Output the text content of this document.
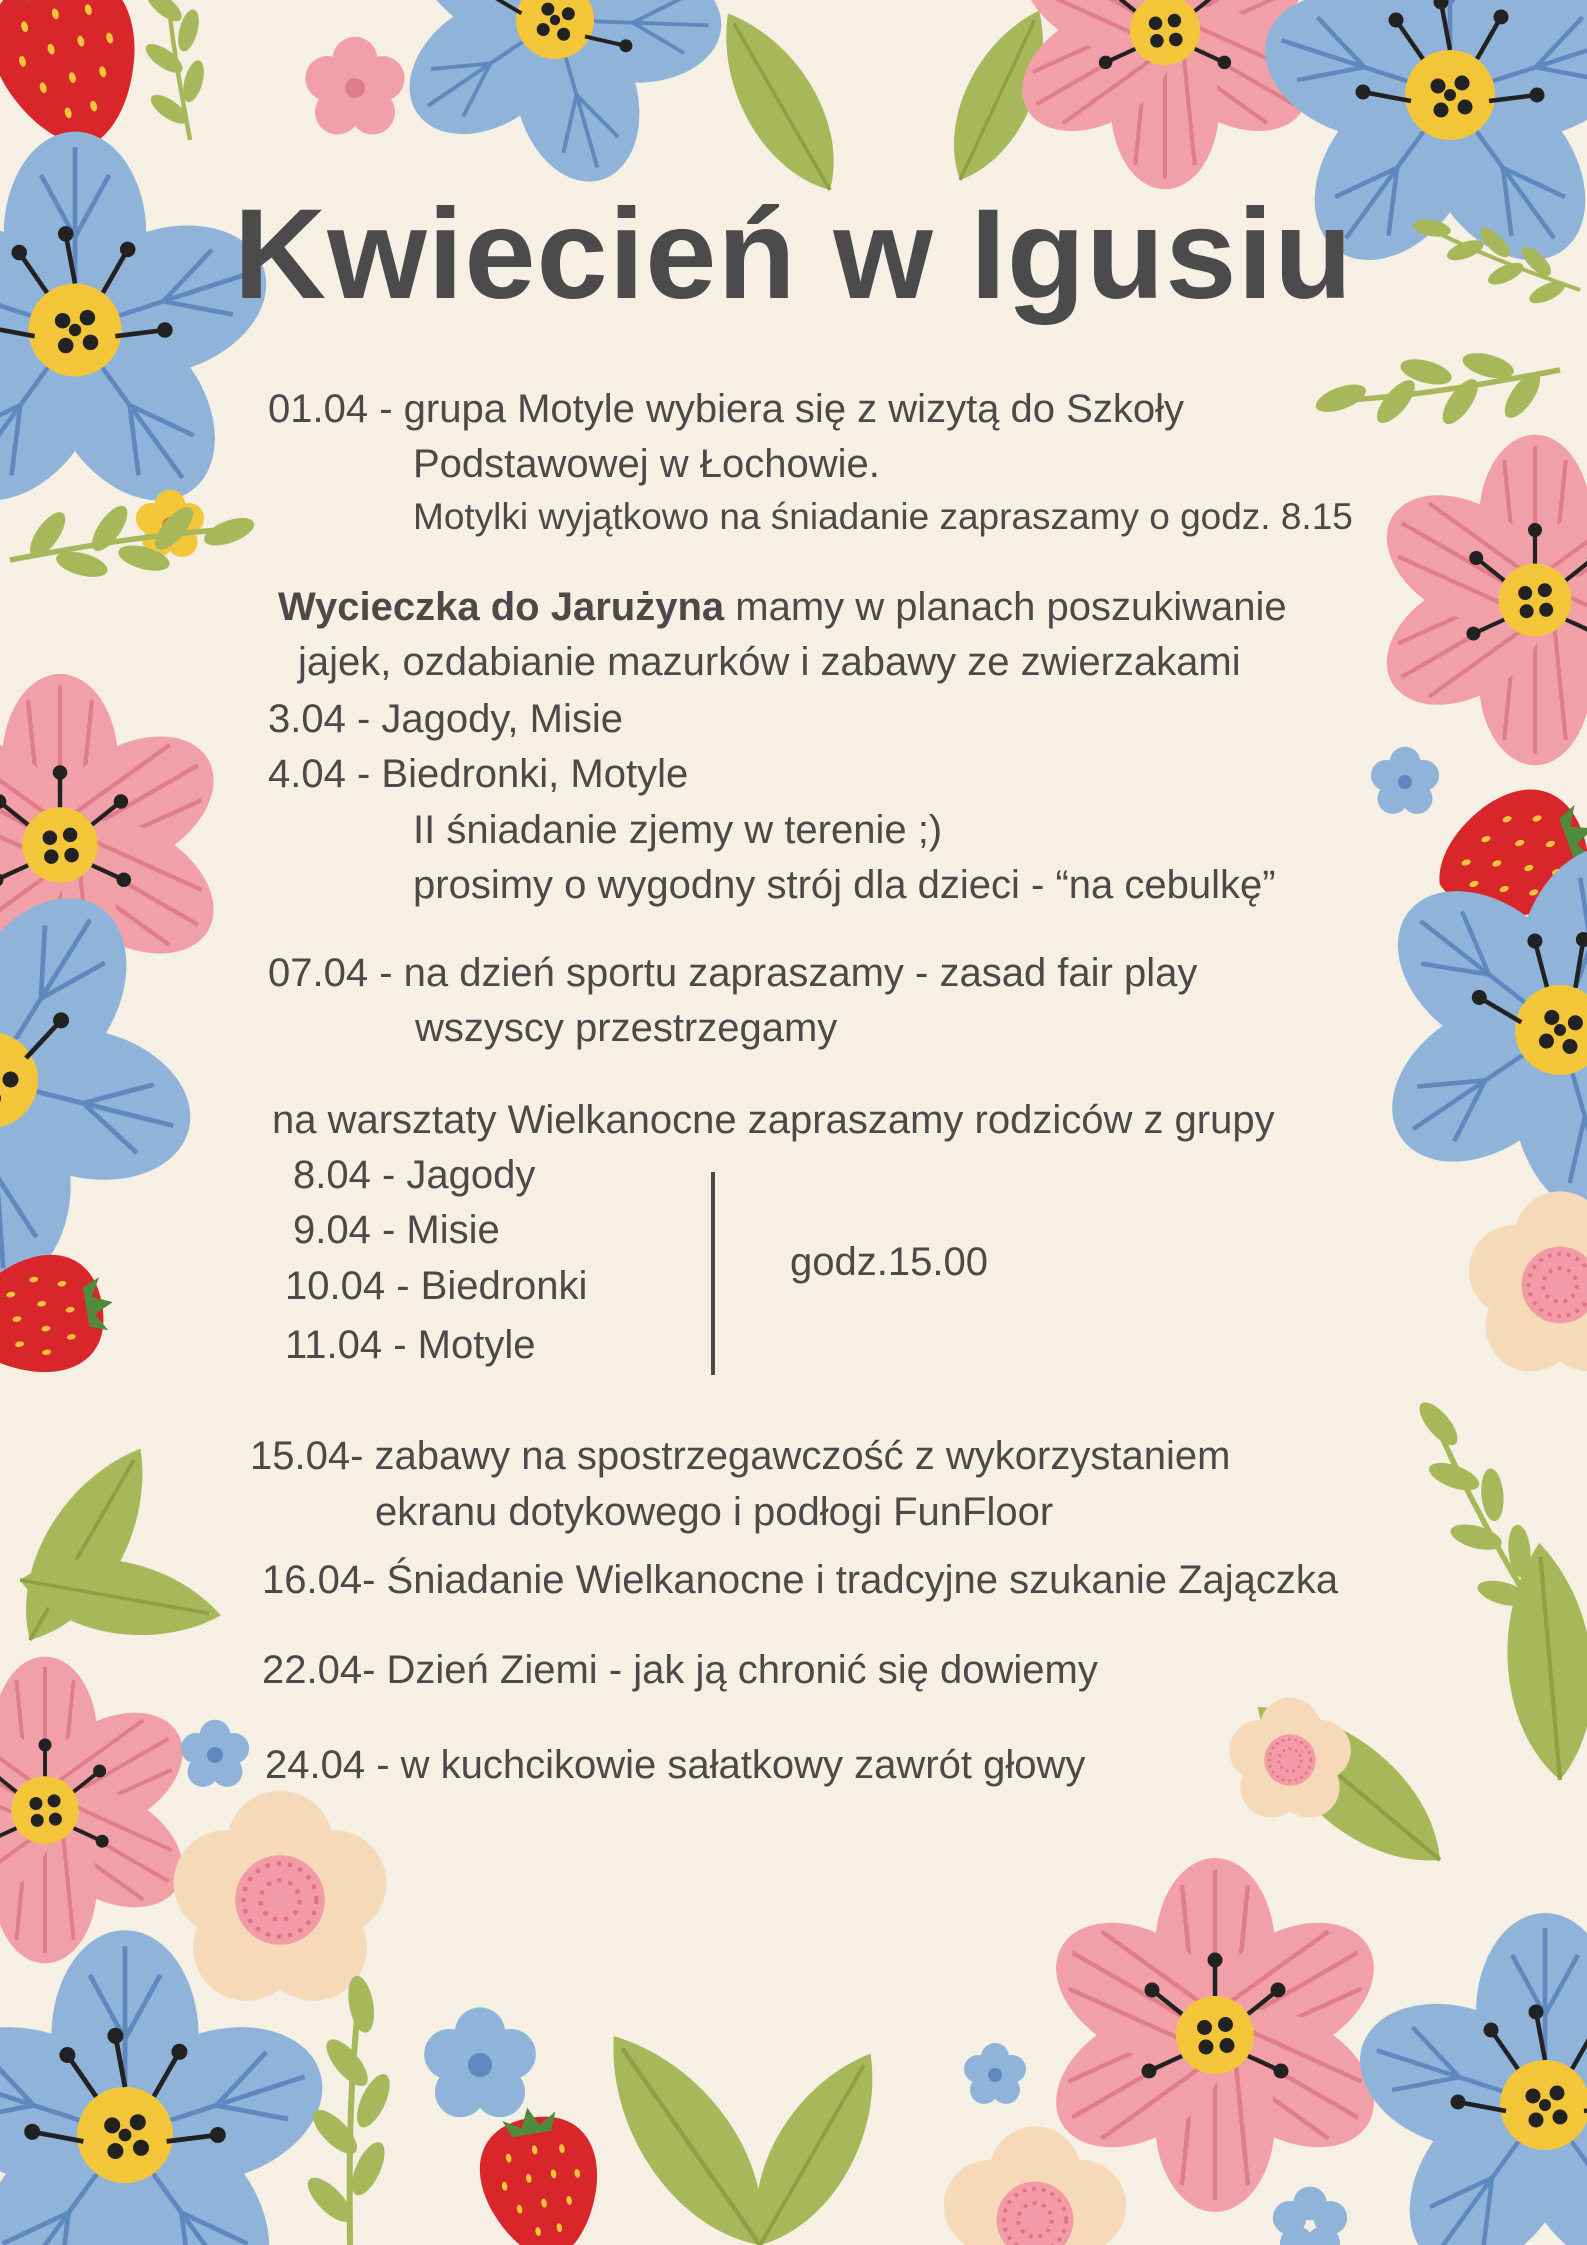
Kwiecień w Igusiu
01.04 - grupa Motyle wybiera się z wizytą do Szkoły
Podstawowej w Łochowie.
Motylki wyjątkowo na śniadanie zapraszamy o godz. 8.15
Wycieczka do Jarużyna mamy w planach poszukiwanie
jajek, ozdabianie mazurków i zabawy ze zwierzakami
3.04 - Jagody, Misie
4.04 - Biedronki, Motyle
II śniadanie zjemy w terenie ;)
prosimy o wygodny strój dla dzieci - “na cebulkę”
07.04 - na dzień sportu zapraszamy - zasad fair play
wszyscy przestrzegamy
na warsztaty Wielkanocne zapraszamy rodziców z grupy
8.04 - Jagody
9.04 - Misie
10.04 - Biedronki
11.04 - Motyle
godz.15.00
15.04- zabawy na spostrzegawczość z wykorzystaniem
ekranu dotykowego i podłogi FunFloor
16.04- Śniadanie Wielkanocne i tradcyjne szukanie Zajączka
22.04- Dzień Ziemi - jak ją chronić się dowiemy
24.04 - w kuchcikowie sałatkowy zawrót głowy
